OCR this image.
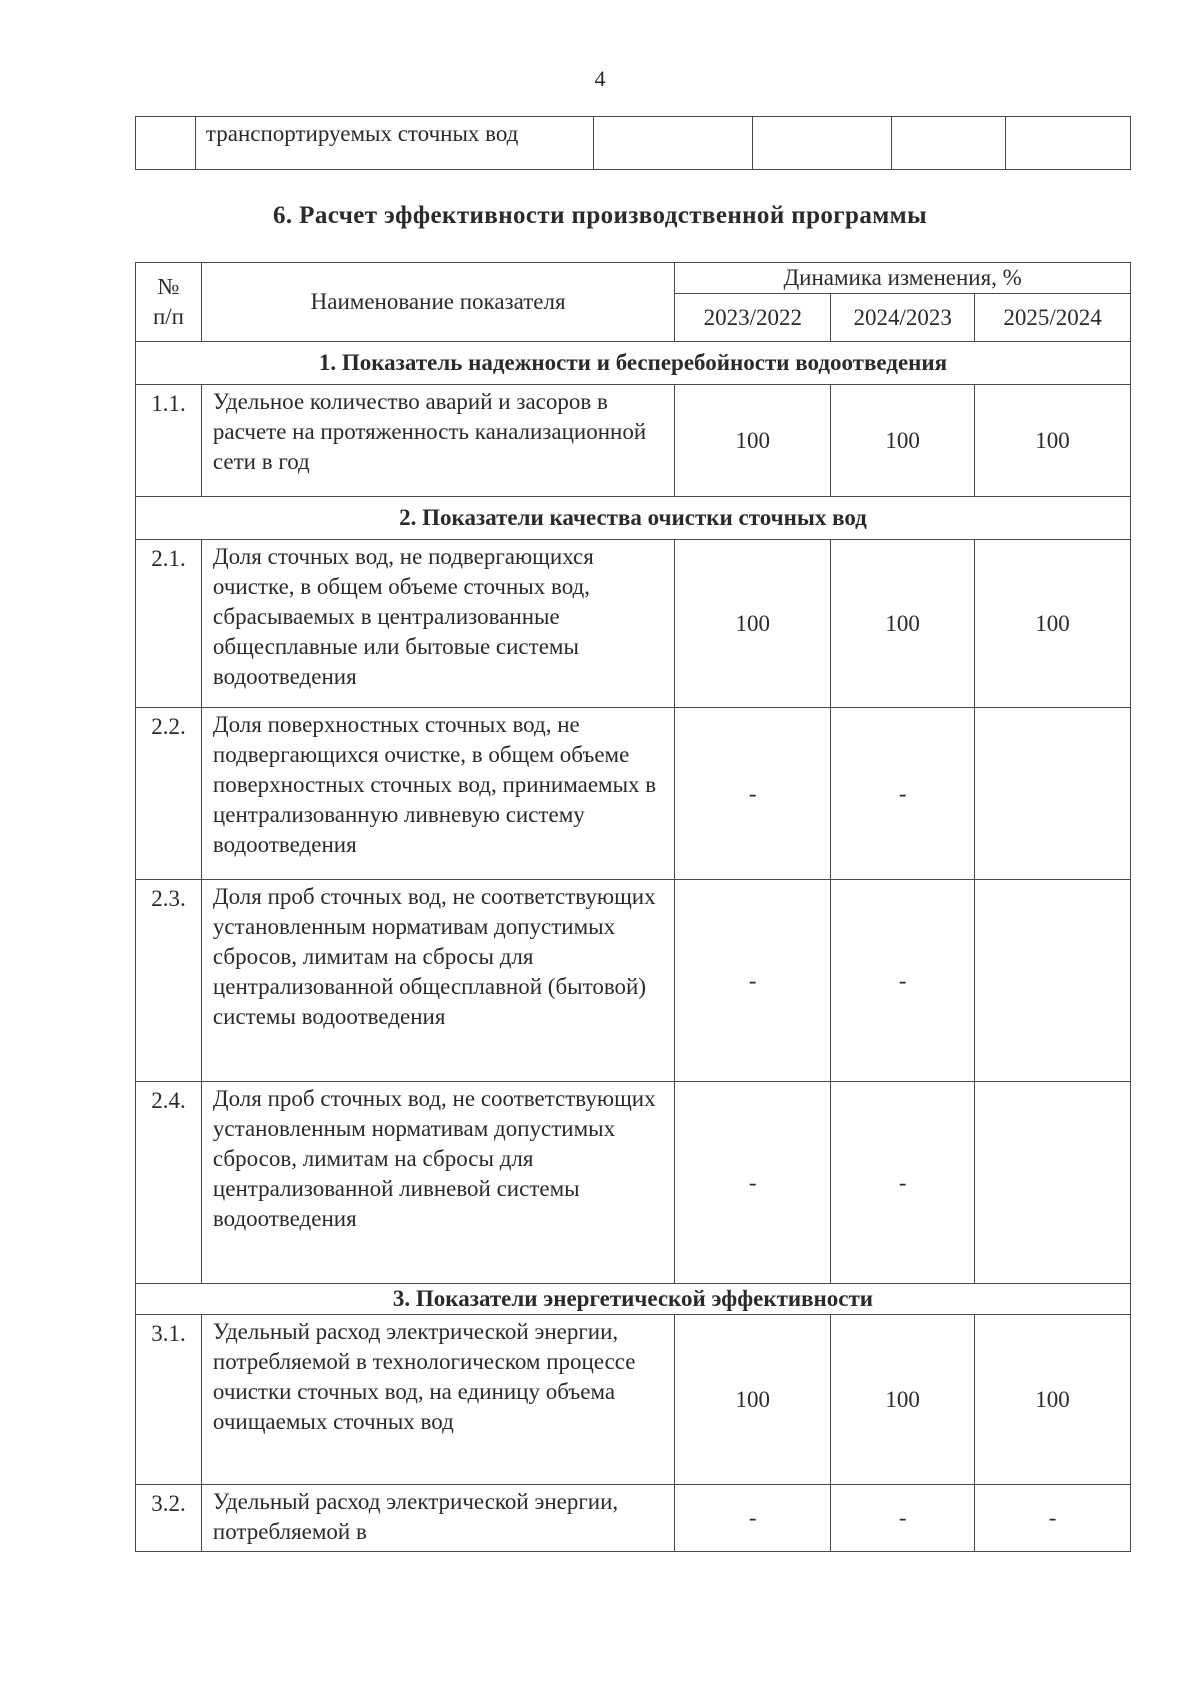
4
	транспортируемых сточных вод				
6. Расчет эффективности производственной программы
№
п/п	Наименование показателя	Динамика изменения, %		
		2023/2022	2024/2023	2025/2024
1. Показатель надежности и бесперебойности водоотведения				
1.1.	Удельное количество аварий и засоров в расчете на протяженность канализационной сети в год	100	100	100
2. Показатели качества очистки сточных вод				
2.1.	Доля сточных вод, не подвергающихся очистке, в общем объеме сточных вод, сбрасываемых в централизованные общесплавные или бытовые системы водоотведения	100	100	100
2.2.	Доля поверхностных сточных вод, не подвергающихся очистке, в общем объеме поверхностных сточных вод, принимаемых в централизованную ливневую систему водоотведения	-	-	
2.3.	Доля проб сточных вод, не соответствующих установленным нормативам допустимых сбросов, лимитам на сбросы для централизованной общесплавной (бытовой) системы водоотведения	-	-	
2.4.	Доля проб сточных вод, не соответствующих установленным нормативам допустимых сбросов, лимитам на сбросы для централизованной ливневой системы водоотведения	-	-	
3. Показатели энергетической эффективности				
3.1.	Удельный расход электрической энергии, потребляемой в технологическом процессе очистки сточных вод, на единицу объема очищаемых сточных вод	100	100	100
3.2.	Удельный расход электрической энергии, потребляемой в	-	-	-
